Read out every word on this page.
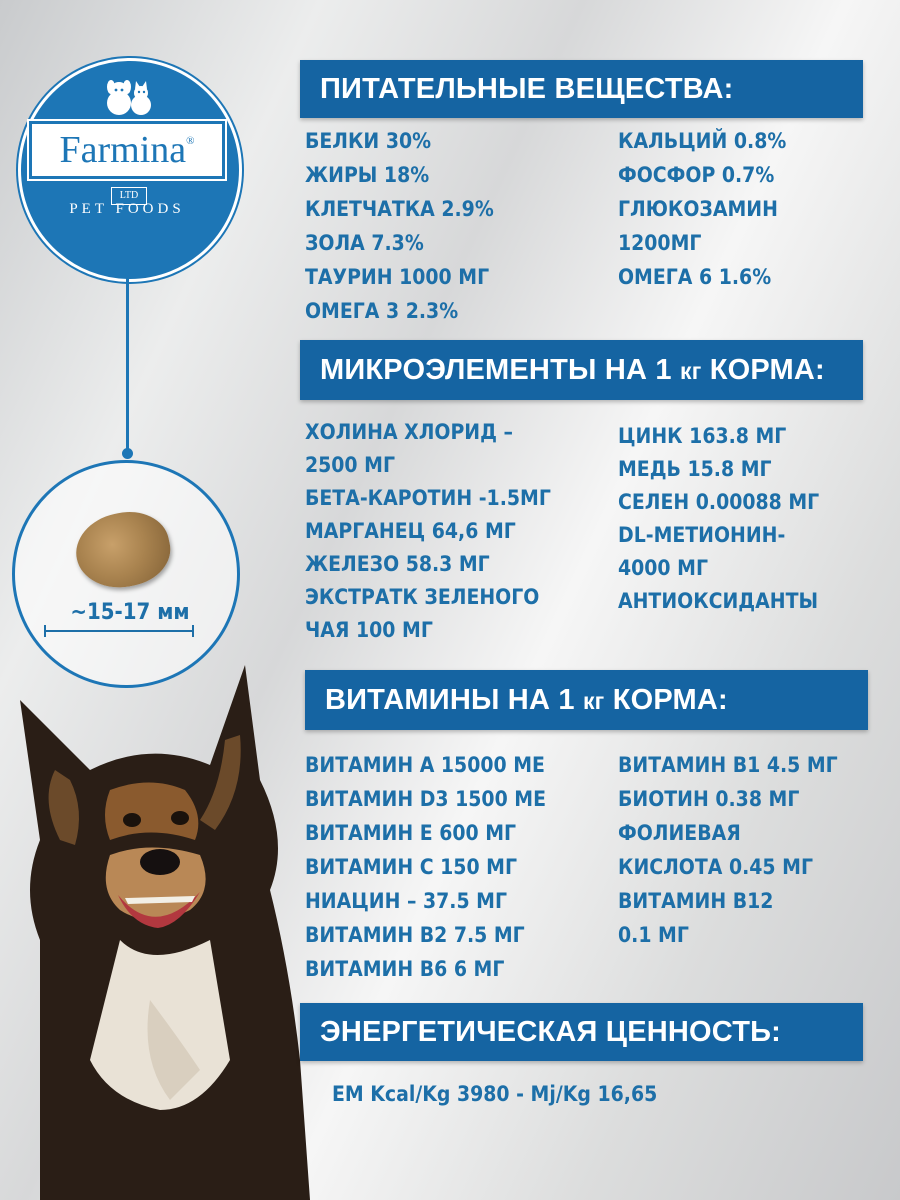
Farmina ®
LTD
PET FOODS
~15-17 мм
ПИТАТЕЛЬНЫЕ ВЕЩЕСТВА:
БЕЛКИ 30%
ЖИРЫ 18%
КЛЕТЧАТКА 2.9%
ЗОЛА 7.3%
ТАУРИН 1000 МГ
ОМЕГА 3 2.3%
КАЛЬЦИЙ 0.8%
ФОСФОР 0.7%
ГЛЮКОЗАМИН
1200МГ
ОМЕГА 6 1.6%
МИКРОЭЛЕМЕНТЫ НА 1 кг КОРМА:
ХОЛИНА ХЛОРИД –
2500 МГ
БЕТА-КАРОТИН -1.5МГ
МАРГАНЕЦ 64,6 МГ
ЖЕЛЕЗО 58.3 МГ
ЭКСТРАТК ЗЕЛЕНОГО
ЧАЯ 100 МГ
ЦИНК 163.8 МГ
МЕДЬ 15.8 МГ
СЕЛЕН 0.00088 МГ
DL-МЕТИОНИН-
4000 МГ
АНТИОКСИДАНТЫ
ВИТАМИНЫ НА 1 кг КОРМА:
ВИТАМИН А 15000 МЕ
ВИТАМИН D3 1500 МЕ
ВИТАМИН Е 600 МГ
ВИТАМИН С 150 МГ
НИАЦИН – 37.5 МГ
ВИТАМИН В2 7.5 МГ
ВИТАМИН В6 6 МГ
ВИТАМИН В1 4.5 МГ
БИОТИН 0.38 МГ
ФОЛИЕВАЯ
КИСЛОТА 0.45 МГ
ВИТАМИН В12
0.1 МГ
ЭНЕРГЕТИЧЕСКАЯ ЦЕННОСТЬ:
EM Kcal/Kg 3980 - Mj/Kg 16,65
